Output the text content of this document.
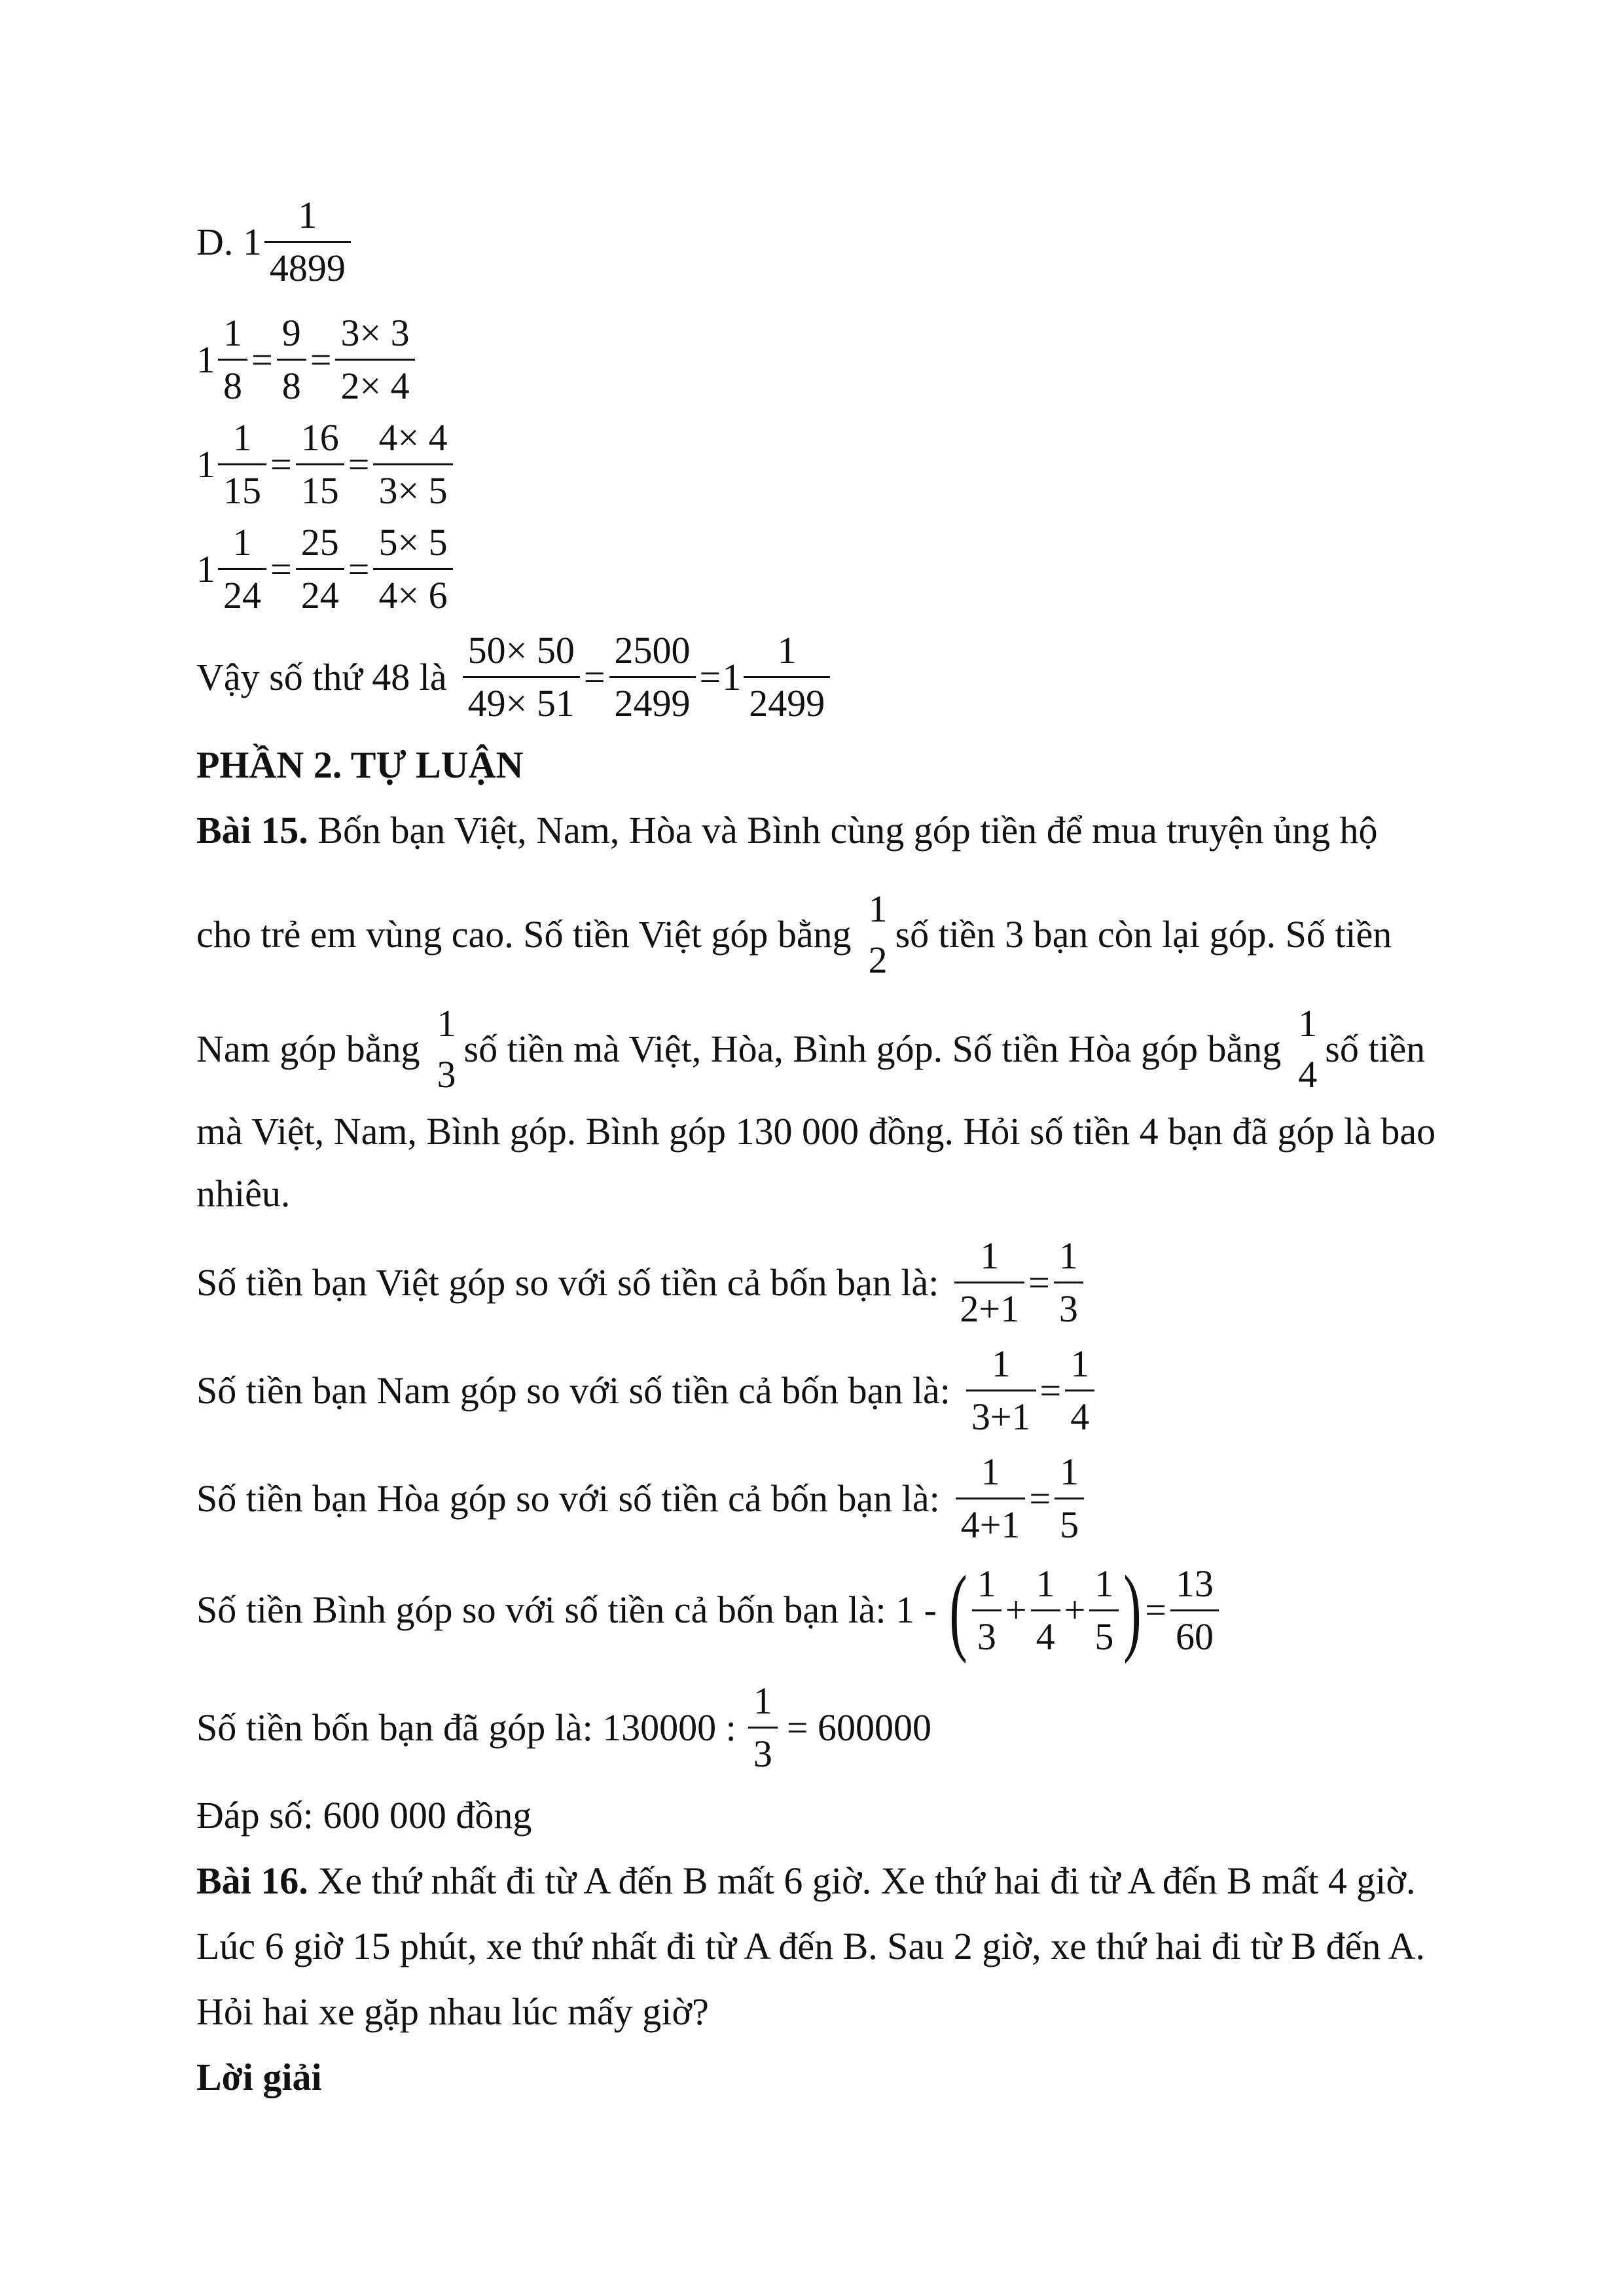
D. $1 \frac{1}{4899}$
$1 \frac{1}{8} = \frac{9}{8} = \frac{3\times 3}{2\times 4}$
$1 \frac{1}{15} = \frac{16}{15} = \frac{4\times 4}{3\times 5}$
$1 \frac{1}{24} = \frac{25}{24} = \frac{5\times 5}{4\times 6}$
Vậy số thứ 48 là $\frac{50\times 50}{49\times 51} = \frac{2500}{2499} = 1 \frac{1}{2499}$
PHẦN 2. TỰ LUẬN
Bài 15. Bốn bạn Việt, Nam, Hòa và Bình cùng góp tiền để mua truyện ủng hộ
cho trẻ em vùng cao. Số tiền Việt góp bằng
1
2
số tiền 3 bạn còn lại góp. Số tiền
Nam góp bằng
1
3
số tiền mà Việt, Hòa, Bình góp. Số tiền Hòa góp bằng
1
4
số tiền
mà Việt, Nam, Bình góp. Bình góp 130 000 đồng. Hỏi số tiền 4 bạn đã góp là bao
nhiêu.
Số tiền bạn Việt góp so với số tiền cả bốn bạn là: $\frac{1}{2+1} = \frac{1}{3}$
Số tiền bạn Nam góp so với số tiền cả bốn bạn là: $\frac{1}{3+1} = \frac{1}{4}$
Số tiền bạn Hòa góp so với số tiền cả bốn bạn là: $\frac{1}{4+1} = \frac{1}{5}$
Số tiền Bình góp so với số tiền cả bốn bạn là: 1 - ( $\frac{1}{3} + \frac{1}{4} + \frac{1}{5}$ ) = $\frac{13}{60}$
Số tiền bốn bạn đã góp là: 130000 : $\frac{1}{3} = 600000$
Đáp số: 600 000 đồng
Bài 16. Xe thứ nhất đi từ A đến B mất 6 giờ. Xe thứ hai đi từ A đến B mất 4 giờ.
Lúc 6 giờ 15 phút, xe thứ nhất đi từ A đến B. Sau 2 giờ, xe thứ hai đi từ B đến A.
Hỏi hai xe gặp nhau lúc mấy giờ?
Lời giải
